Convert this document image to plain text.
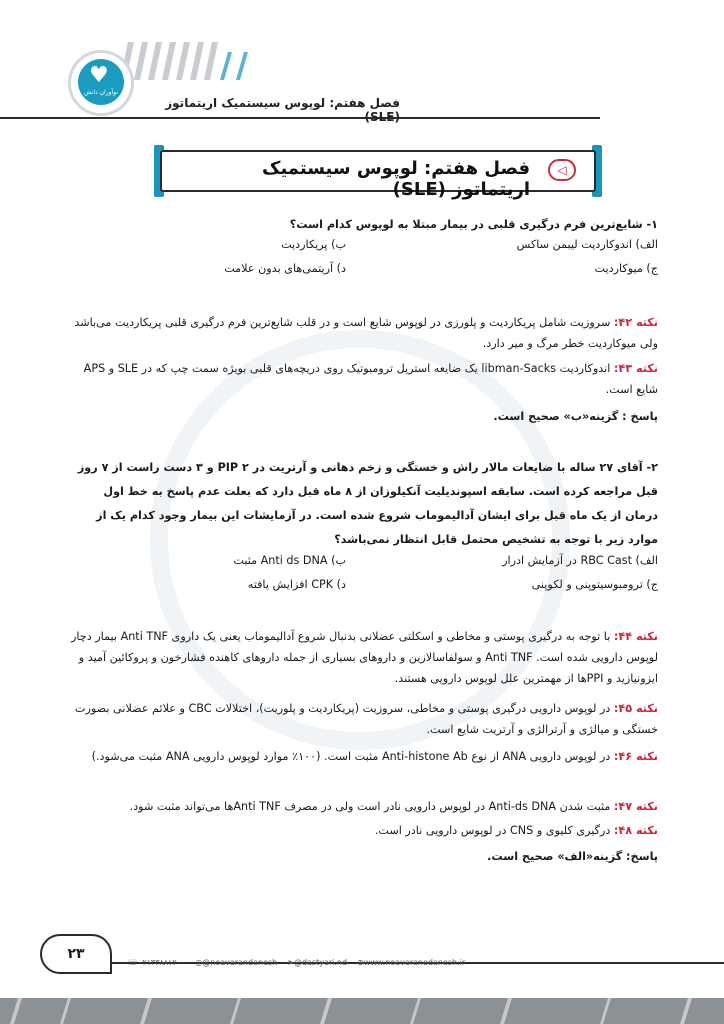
♥
نوآوران دانش
فصل هفتم: لوپوس سیستمیک اریتماتوز (SLE)
◁
فصل هفتم: لوپوس سیستمیک اریتماتوز (SLE)
۱- شایع‌ترین فرم درگیری قلبی در بیمار مبتلا به لوپوس کدام است؟
الف) اندوکاردیت لیبمن ساکس
ب) پریکاردیت
ج) میوکاردیت
د) آریتمی‌های بدون علامت

نکته ۴۲: سروزیت شامل پریکاردیت و پلورزی در لوپوس شایع است و در قلب شایع‌ترین فرم درگیری قلبی پریکاردیت می‌باشد ولی میوکاردیت خطر مرگ و میر دارد.

نکته ۴۳: اندوکاردیت libman-Sacks یک ضایعه استریل ترومبوتیک روی دریچه‌های قلبی بویژه سمت چپ که در SLE و APS شایع است.

پاسخ : گزینه«ب» صحیح است.
۲- آقای ۲۷ ساله با ضایعات مالار راش و خستگی و زخم دهانی و آرتریت در PIP ۲ و ۳ دست راست از ۷ روز قبل مراجعه کرده است. سابقه اسپوندیلیت آنکیلوزان از ۸ ماه قبل دارد که بعلت عدم پاسخ به خط اول درمان از یک ماه قبل برای ایشان آدالیموماب شروع شده است. در آزمایشات این بیمار وجود کدام یک از موارد زیر با توجه به تشخیص محتمل قابل انتظار نمی‌باشد؟
الف) RBC Cast در آزمایش ادرار
ب) Anti ds DNA مثبت
ج) ترومبوسیتوپنی و لکوپنی
د) CPK افزایش یافته

نکته ۴۴: با توجه به درگیری پوستی و مخاطی و اسکلتی عضلانی بدنبال شروع آدالیموماب یعنی یک داروی Anti TNF بیمار دچار لوپوس دارویی شده است. Anti TNF و سولفاسالازین و داروهای بسیاری از جمله داروهای کاهنده فشارخون و پروکائین آمید و ایزونیازید و PPIها از مهمترین علل لوپوس دارویی هستند.

نکته ۴۵: در لوپوس دارویی درگیری پوستی و مخاطی، سروزیت (پریکاردیت و پلوریت)، اختلالات CBC و علائم عضلانی بصورت خستگی و میالژی و آرترالژی و آرتریت شایع است.

نکته ۴۶: در لوپوس دارویی ANA از نوع Anti-histone Ab مثبت است. (۱۰۰٪ موارد لوپوس دارویی ANA مثبت می‌شود.)

نکته ۴۷: مثبت شدن Anti-ds DNA در لوپوس دارویی نادر است ولی در مصرف Anti TNFها می‌تواند مثبت شود.

نکته ۴۸: درگیری کلیوی و CNS در لوپوس دارویی نادر است.

پاسخ: گزینه«الف» صحیح است.
۲۳
☏۰۲۱۳۳۸۸۱۲۰۰ ◎@noavarandanesh ➤@dastyari.nd ⊕www.noavaranedanesh.ir
